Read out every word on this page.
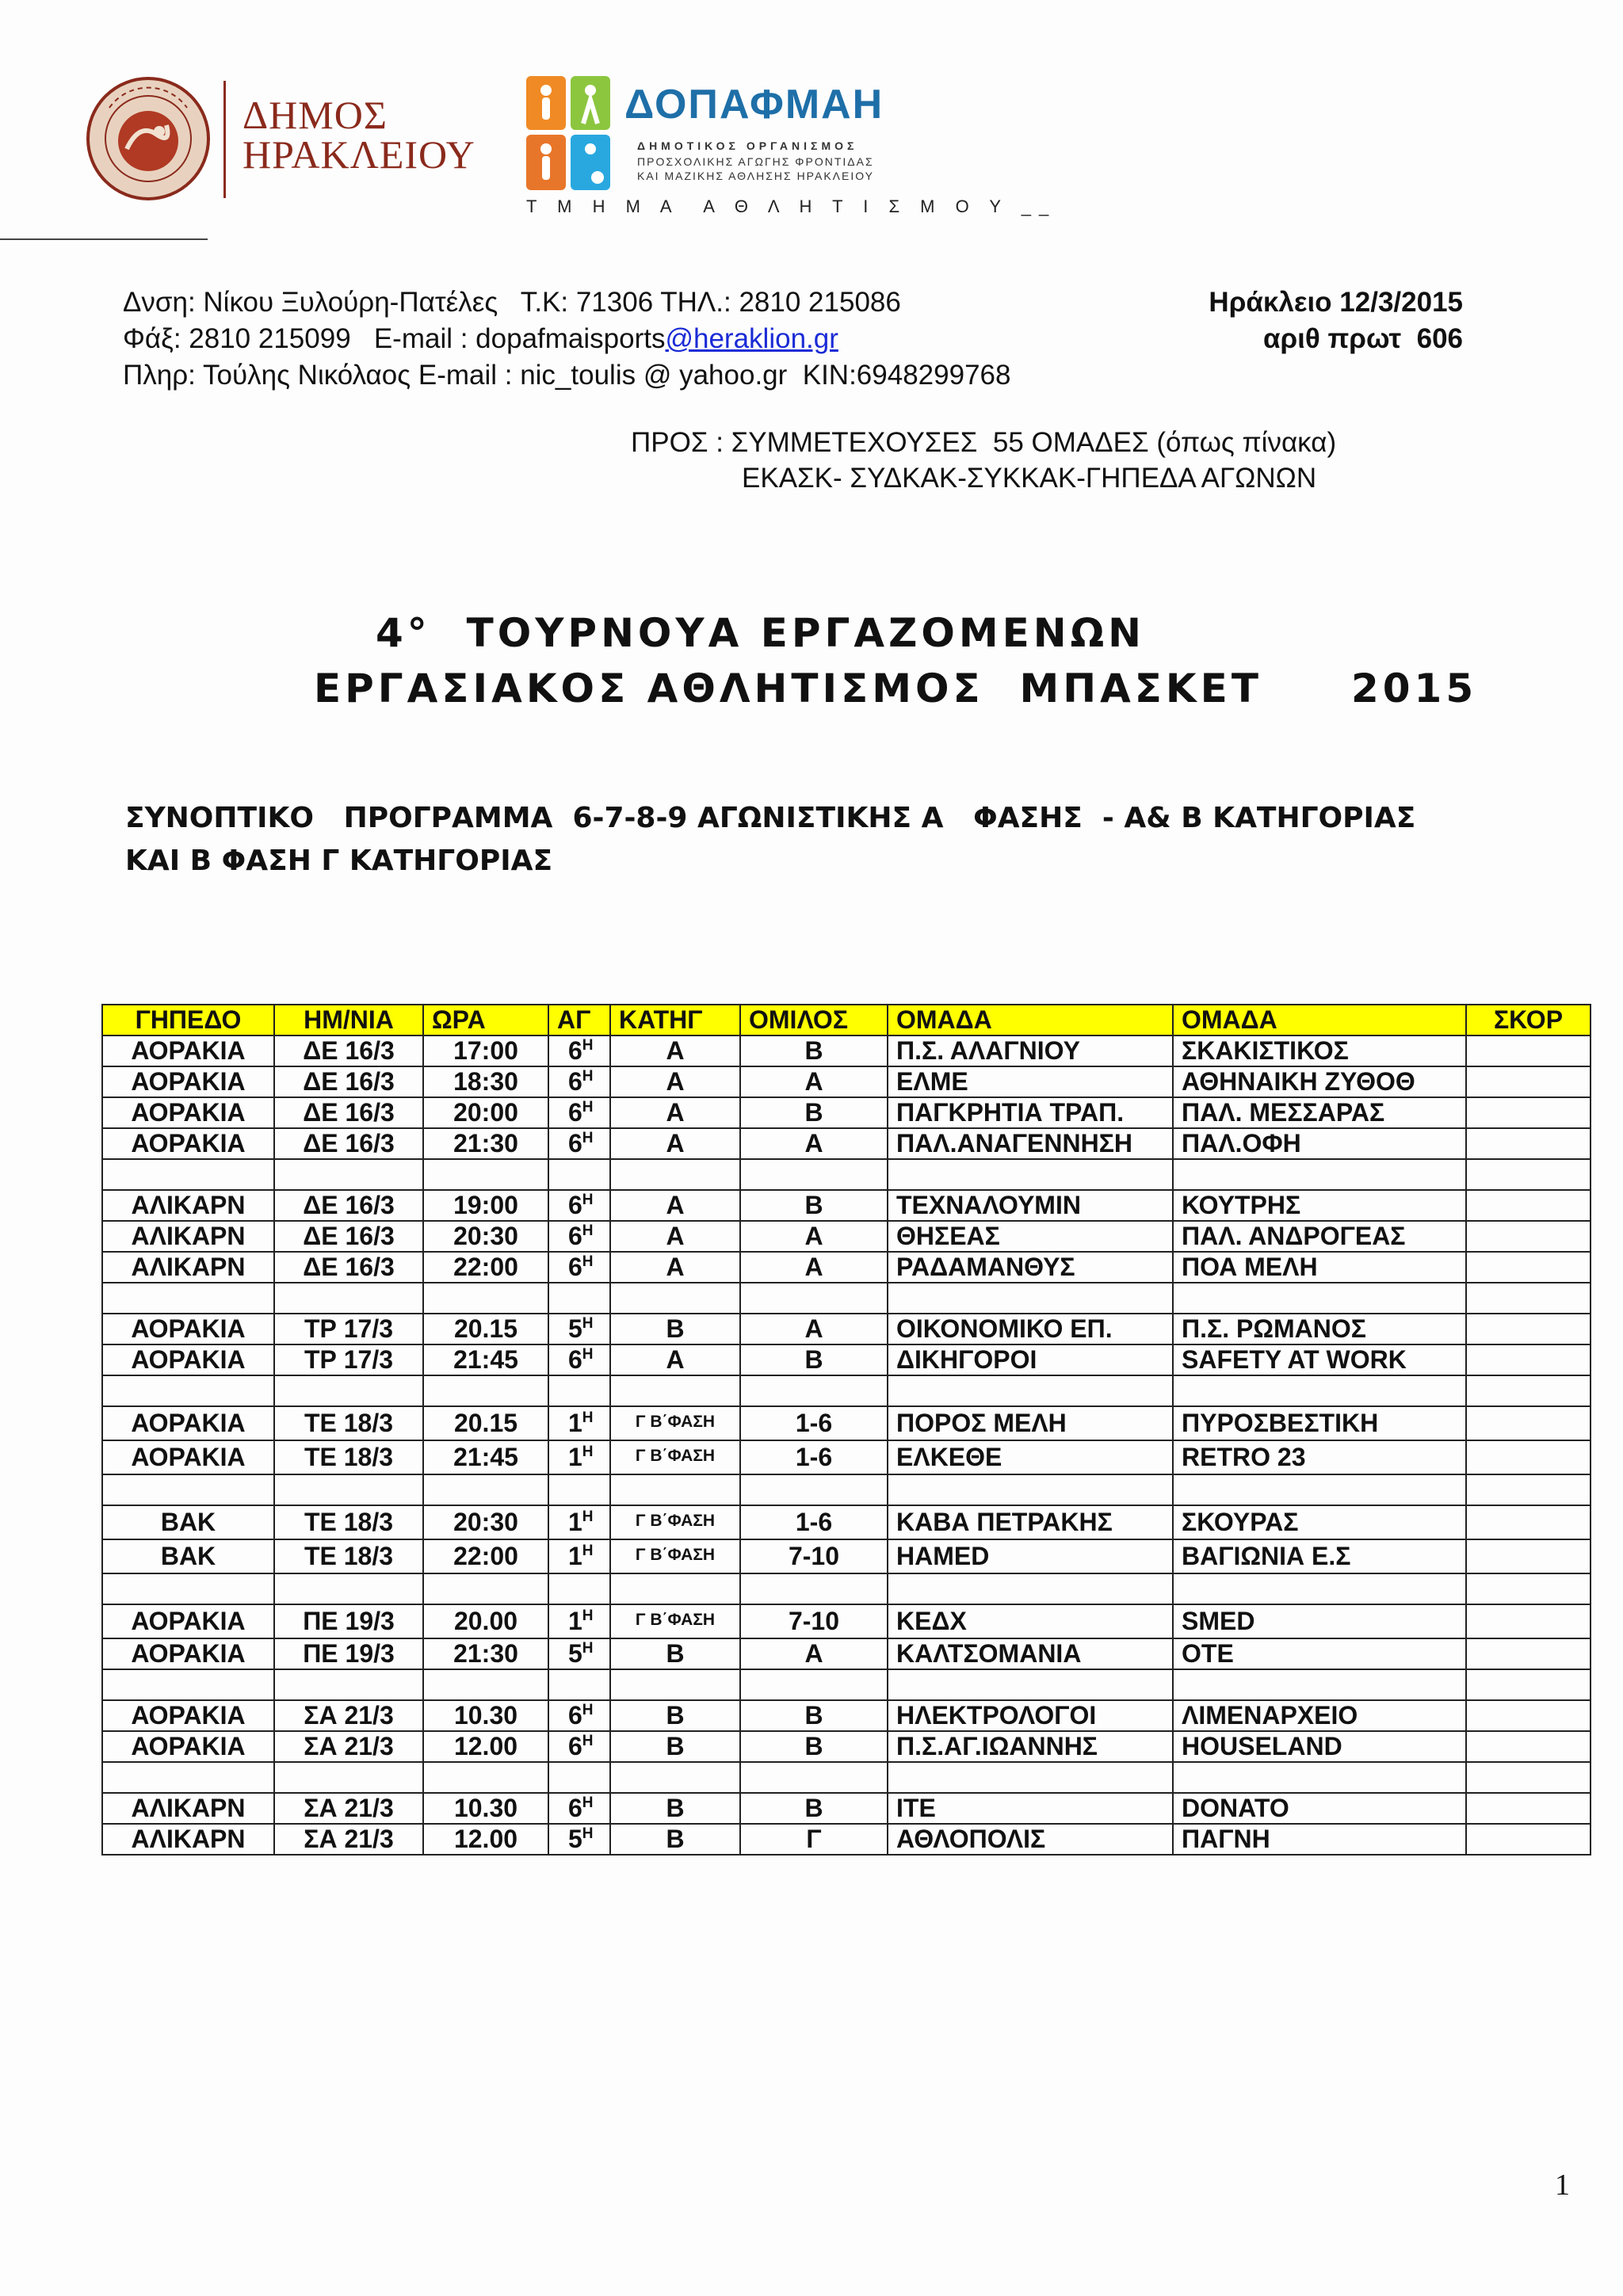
ΔΗΜΟΣ
ΗΡΑΚΛΕΙΟΥ
ΔΟΠΑΦΜΑΗ
ΔΗΜΟΤΙΚΟΣ ΟΡΓΑΝΙΣΜΟΣ
ΠΡΟΣΧΟΛΙΚΗΣ ΑΓΩΓΗΣ ΦΡΟΝΤΙΔΑΣ
ΚΑΙ ΜΑΖΙΚΗΣ ΑΘΛΗΣΗΣ ΗΡΑΚΛΕΙΟΥ
Τ Μ Η Μ Α  Α Θ Λ Η Τ Ι Σ Μ Ο Υ __
Δνση: Νίκου Ξυλούρη-Πατέλες   Τ.Κ: 71306 ΤΗΛ.: 2810 215086
Φάξ: 2810 215099   E-mail : dopafmaisports@heraklion.gr
Πληρ: Τούλης Νικόλαος E-mail : nic_toulis @ yahoo.gr  ΚΙΝ:6948299768
Ηράκλειο 12/3/2015
αριθ πρωτ  606
ΠΡΟΣ : ΣΥΜΜΕΤΕΧΟΥΣΕΣ  55 ΟΜΑΔΕΣ (όπως πίνακα)
ΕΚΑΣΚ- ΣΥΔΚΑΚ-ΣΥΚΚΑΚ-ΓΗΠΕΔΑ ΑΓΩΝΩΝ
4°  ΤΟΥΡΝΟΥΑ ΕΡΓΑΖΟΜΕΝΩΝ
ΕΡΓΑΣΙΑΚΟΣ ΑΘΛΗΤΙΣΜΟΣ  ΜΠΑΣΚΕΤ     2015
ΣΥΝΟΠΤΙΚΟ   ΠΡΟΓΡΑΜΜΑ  6-7-8-9 ΑΓΩΝΙΣΤΙΚΗΣ Α   ΦΑΣΗΣ  - Α& Β ΚΑΤΗΓΟΡΙΑΣ
ΚΑΙ Β ΦΑΣΗ Γ ΚΑΤΗΓΟΡΙΑΣ
ΓΗΠΕΔΟ	ΗΜ/ΝΙΑ	ΩΡΑ	ΑΓ	ΚΑΤΗΓ	ΟΜΙΛΟΣ	ΟΜΑΔΑ	ΟΜΑΔΑ	ΣΚΟΡ
ΑΟΡΑΚΙΑ	ΔΕ 16/3	17:00	$6^H$	Α	Β	Π.Σ. ΑΛΑΓΝΙΟΥ	ΣΚΑΚΙΣΤΙΚΟΣ	
ΑΟΡΑΚΙΑ	ΔΕ 16/3	18:30	$6^H$	Α	Α	ΕΛΜΕ	ΑΘΗΝΑΙΚΗ ΖΥΘΟΘ	
ΑΟΡΑΚΙΑ	ΔΕ 16/3	20:00	$6^H$	Α	Β	ΠΑΓΚΡΗΤΙΑ ΤΡΑΠ.	ΠΑΛ. ΜΕΣΣΑΡΑΣ	
ΑΟΡΑΚΙΑ	ΔΕ 16/3	21:30	$6^H$	Α	Α	ΠΑΛ.ΑΝΑΓΕΝΝΗΣΗ	ΠΑΛ.ΟΦΗ	

ΑΛΙΚΑΡΝ	ΔΕ 16/3	19:00	$6^H$	Α	Β	ΤΕΧΝΑΛΟΥΜΙΝ	ΚΟΥΤΡΗΣ	
ΑΛΙΚΑΡΝ	ΔΕ 16/3	20:30	$6^H$	Α	Α	ΘΗΣΕΑΣ	ΠΑΛ. ΑΝΔΡΟΓΕΑΣ	
ΑΛΙΚΑΡΝ	ΔΕ 16/3	22:00	$6^H$	Α	Α	ΡΑΔΑΜΑΝΘΥΣ	ΠΟΑ ΜΕΛΗ	

ΑΟΡΑΚΙΑ	ΤΡ 17/3	20.15	$5^H$	Β	Α	ΟΙΚΟΝΟΜΙΚΟ ΕΠ.	Π.Σ. ΡΩΜΑΝΟΣ	
ΑΟΡΑΚΙΑ	ΤΡ 17/3	21:45	$6^H$	Α	Β	ΔΙΚΗΓΟΡΟΙ	SAFETY AT WORK	

ΑΟΡΑΚΙΑ	ΤΕ 18/3	20.15	$1^H$	$^{\Gamma B΄\Phi A\Sigma H}$	1-6	ΠΟΡΟΣ ΜΕΛΗ	ΠΥΡΟΣΒΕΣΤΙΚΗ	
ΑΟΡΑΚΙΑ	ΤΕ 18/3	21:45	$1^H$	$^{\Gamma B΄\Phi A\Sigma H}$	1-6	ΕΛΚΕΘΕ	RETRO 23	

ΒΑΚ	ΤΕ 18/3	20:30	$1^H$	$^{\Gamma B΄\Phi A\Sigma H}$	1-6	ΚΑΒΑ ΠΕΤΡΑΚΗΣ	ΣΚΟΥΡΑΣ	
ΒΑΚ	ΤΕ 18/3	22:00	$1^H$	$^{\Gamma B΄\Phi A\Sigma H}$	7-10	HAMED	ΒΑΓΙΩΝΙΑ Ε.Σ	

ΑΟΡΑΚΙΑ	ΠΕ 19/3	20.00	$1^H$	$^{\Gamma B΄\Phi A\Sigma H}$	7-10	ΚΕΔΧ	SMED	
ΑΟΡΑΚΙΑ	ΠΕ 19/3	21:30	$5^H$	Β	Α	ΚΑΛΤΣΟΜΑΝΙΑ	ΟΤΕ	

ΑΟΡΑΚΙΑ	ΣΑ 21/3	10.30	$6^H$	Β	Β	ΗΛΕΚΤΡΟΛΟΓΟΙ	ΛΙΜΕΝΑΡΧΕΙΟ	
ΑΟΡΑΚΙΑ	ΣΑ 21/3	12.00	$6^H$	Β	Β	Π.Σ.ΑΓ.ΙΩΑΝΝΗΣ	HOUSELAND	

ΑΛΙΚΑΡΝ	ΣΑ 21/3	10.30	$6^H$	Β	Β	ΙΤΕ	DONATO	
ΑΛΙΚΑΡΝ	ΣΑ 21/3	12.00	$5^H$	Β	Γ	ΑΘΛΟΠΟΛΙΣ	ΠΑΓΝΗ	
1
